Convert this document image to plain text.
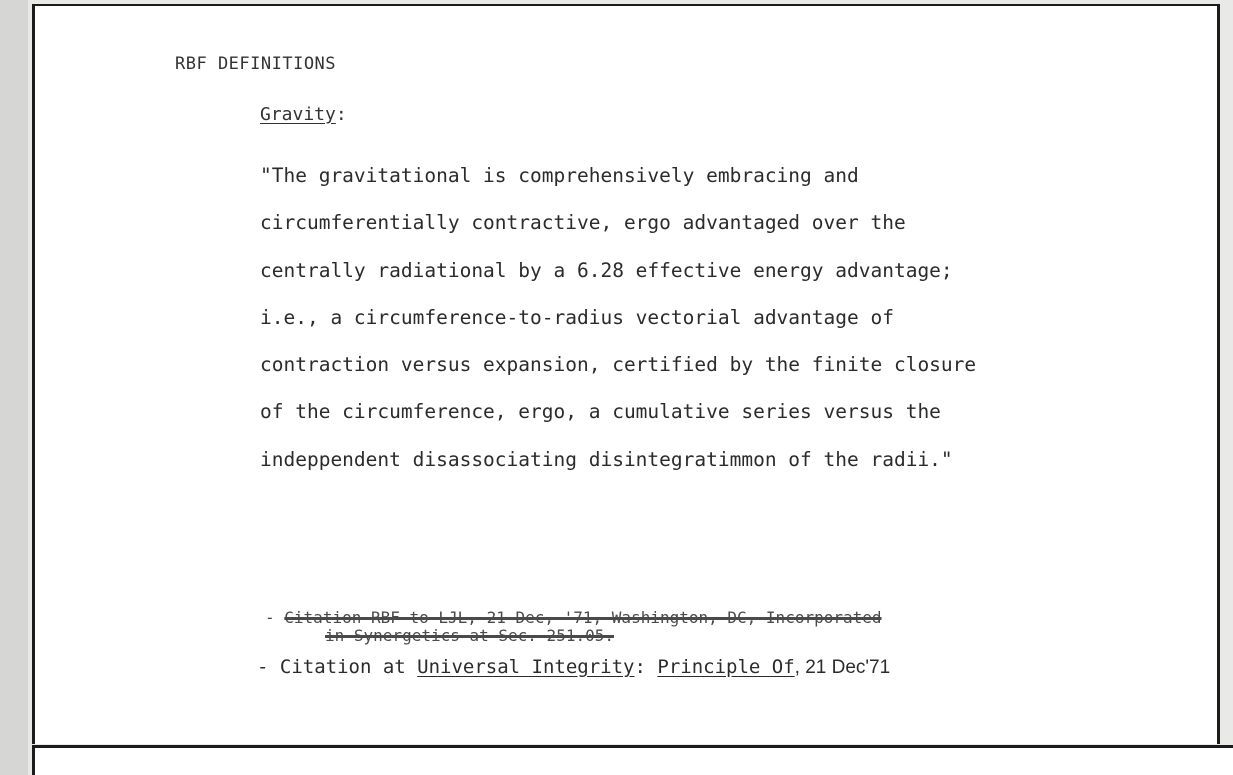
RBF DEFINITIONS
Gravity:
"The gravitational is comprehensively embracing and
circumferentially contractive, ergo advantaged over the
centrally radiational by a 6.28 effective energy advantage;
i.e., a circumference-to-radius vectorial advantage of
contraction versus expansion, certified by the finite closure
of the circumference, ergo, a cumulative series versus the
indeppendent disassociating disintegratimmon of the radii."
- Citation RBF to LJL, 21 Dec, '71, Washington, DC, Incorporated
in Synergetics at Sec. 251.05.
- Citation at Universal Integrity: Principle Of, 21 Dec'71
